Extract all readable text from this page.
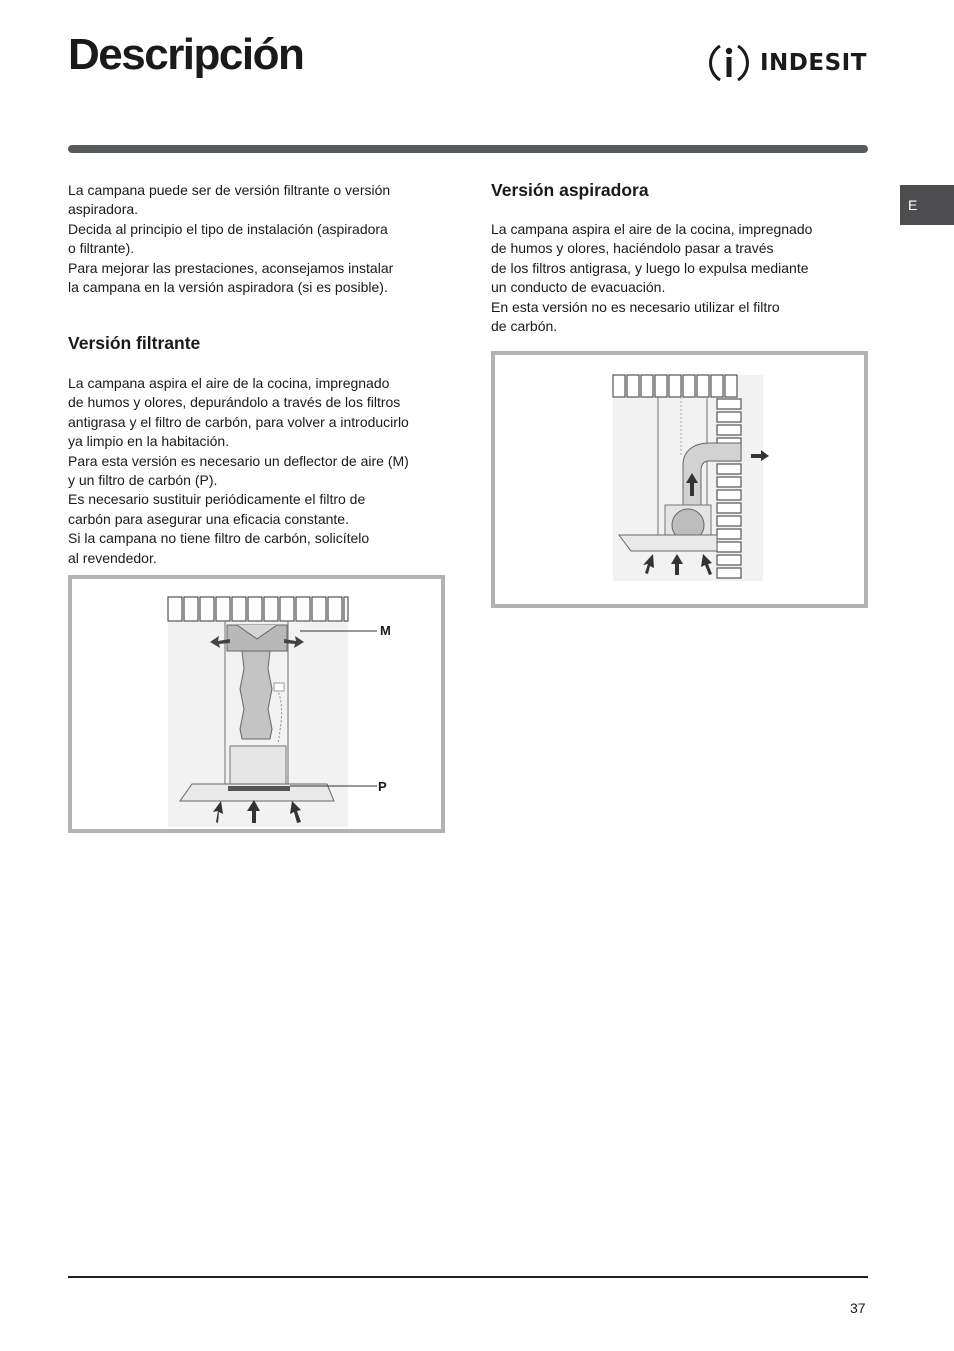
Descripción	INDESIT
E

La campana puede ser de versión filtrante o versión

aspiradora.

Decida al principio el tipo de instalación (aspiradora

o filtrante).

Para mejorar las prestaciones, aconsejamos instalar

la campana en la versión aspiradora (si es posible).

Versión filtrante

La campana aspira el aire de la cocina, impregnado

de humos y olores, depurándolo a través de los filtros

antigrasa y el filtro de carbón, para volver a introducirlo

ya limpio en la habitación.

Para esta versión es necesario un deflector de aire (M)

y un filtro de carbón (P).

Es necesario sustituir periódicamente el filtro de

carbón para asegurar una eficacia constante.

Si la campana no tiene filtro de carbón, solicítelo

al revendedor.

M
P
Versión aspiradora

La campana aspira el aire de la cocina, impregnado

de humos y olores, haciéndolo pasar a través

de los filtros antigrasa, y luego lo expulsa mediante

un conducto de evacuación.

En esta versión no es necesario utilizar el filtro

de carbón.

37
